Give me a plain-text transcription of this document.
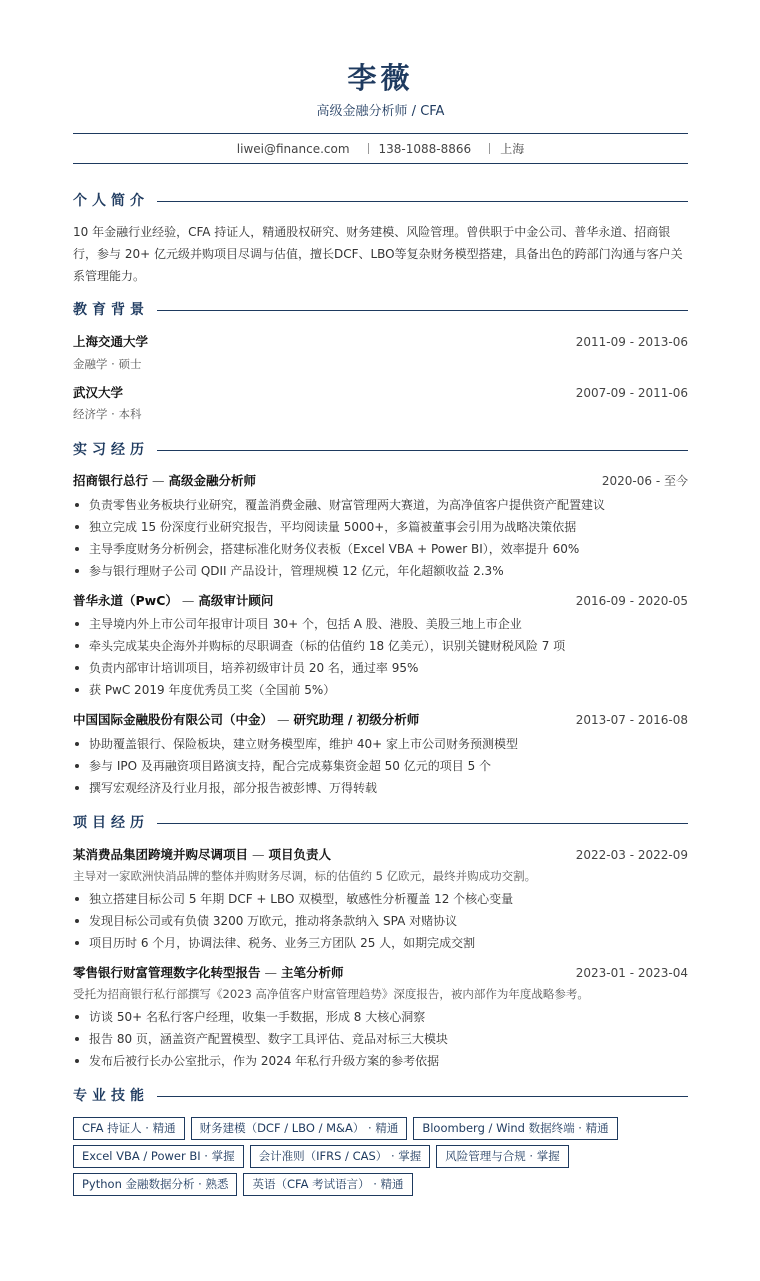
李薇
高级金融分析师 / CFA
liwei@finance.com 138-1088-8866 上海
个人简介
10 年金融行业经验，CFA 持证人，精通股权研究、财务建模、风险管理。曾供职于中金公司、普华永道、招商银行，参与 20+ 亿元级并购项目尽调与估值，擅长DCF、LBO等复杂财务模型搭建，具备出色的跨部门沟通与客户关系管理能力。
教育背景
上海交通大学	2011-09 - 2013-06
金融学 · 硕士
武汉大学	2007-09 - 2011-06
经济学 · 本科
实习经历
招商银行总行 — 高级金融分析师	2020-06 - 至今
负责零售业务板块行业研究，覆盖消费金融、财富管理两大赛道，为高净值客户提供资产配置建议
独立完成 15 份深度行业研究报告，平均阅读量 5000+，多篇被董事会引用为战略决策依据
主导季度财务分析例会，搭建标准化财务仪表板（Excel VBA + Power BI），效率提升 60%
参与银行理财子公司 QDII 产品设计，管理规模 12 亿元，年化超额收益 2.3%
普华永道（PwC） — 高级审计顾问	2016-09 - 2020-05
主导境内外上市公司年报审计项目 30+ 个，包括 A 股、港股、美股三地上市企业
牵头完成某央企海外并购标的尽职调查（标的估值约 18 亿美元），识别关键财税风险 7 项
负责内部审计培训项目，培养初级审计员 20 名，通过率 95%
获 PwC 2019 年度优秀员工奖（全国前 5%）
中国国际金融股份有限公司（中金） — 研究助理 / 初级分析师	2013-07 - 2016-08
协助覆盖银行、保险板块，建立财务模型库，维护 40+ 家上市公司财务预测模型
参与 IPO 及再融资项目路演支持，配合完成募集资金超 50 亿元的项目 5 个
撰写宏观经济及行业月报，部分报告被彭博、万得转载
项目经历
某消费品集团跨境并购尽调项目 — 项目负责人	2022-03 - 2022-09
主导对一家欧洲快消品牌的整体并购财务尽调，标的估值约 5 亿欧元，最终并购成功交割。
独立搭建目标公司 5 年期 DCF + LBO 双模型，敏感性分析覆盖 12 个核心变量
发现目标公司或有负债 3200 万欧元，推动将条款纳入 SPA 对赌协议
项目历时 6 个月，协调法律、税务、业务三方团队 25 人，如期完成交割
零售银行财富管理数字化转型报告 — 主笔分析师	2023-01 - 2023-04
受托为招商银行私行部撰写《2023 高净值客户财富管理趋势》深度报告，被内部作为年度战略参考。
访谈 50+ 名私行客户经理，收集一手数据，形成 8 大核心洞察
报告 80 页，涵盖资产配置模型、数字工具评估、竞品对标三大模块
发布后被行长办公室批示，作为 2024 年私行升级方案的参考依据
专业技能
CFA 持证人 · 精通 财务建模（DCF / LBO / M&A） · 精通 Bloomberg / Wind 数据终端 · 精通
Excel VBA / Power BI · 掌握 会计准则（IFRS / CAS） · 掌握 风险管理与合规 · 掌握
Python 金融数据分析 · 熟悉 英语（CFA 考试语言） · 精通
